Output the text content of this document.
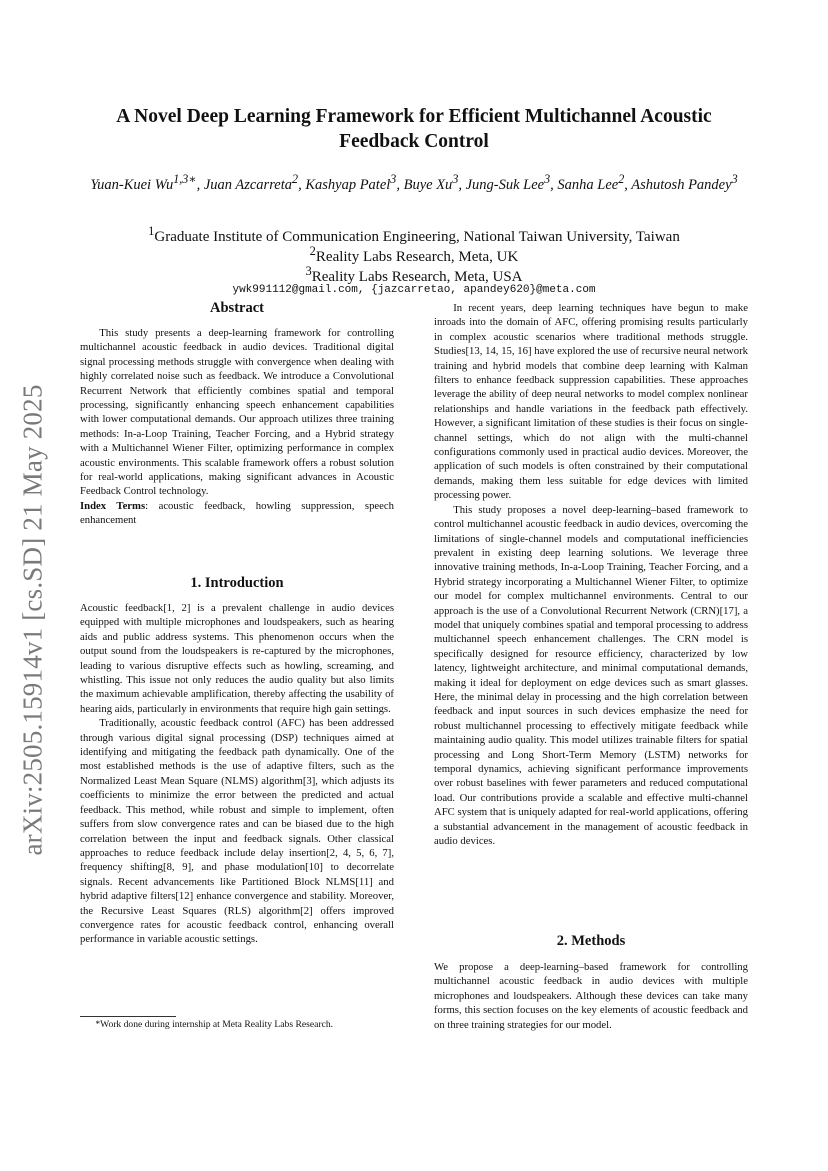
arXiv:2505.15914v1 [cs.SD] 21 May 2025
A Novel Deep Learning Framework for Efficient Multichannel Acoustic Feedback Control
Yuan-Kuei $Wu^{1,3∗}$, Juan Azcarreta$^2$, Kashyap Patel$^3$, Buye Xu$^3$, Jung-Suk Lee$^3$, Sanha Lee$^2$, Ashutosh Pandey$^3$
$^1$Graduate Institute of Communication Engineering, National Taiwan University, Taiwan
$^2$Reality Labs Research, Meta, UK
$^3$Reality Labs Research, Meta, USA
ywk991112@gmail.com, {jazcarretao, apandey620}@meta.com
Abstract

This study presents a deep-learning framework for controlling multichannel acoustic feedback in audio devices. Traditional digital signal processing methods struggle with convergence when dealing with highly correlated noise such as feedback. We introduce a Convolutional Recurrent Network that efficiently combines spatial and temporal processing, significantly enhancing speech enhancement capabilities with lower computational demands. Our approach utilizes three training methods: In-a-Loop Training, Teacher Forcing, and a Hybrid strategy with a Multichannel Wiener Filter, optimizing performance in complex acoustic environments. This scalable framework offers a robust solution for real-world applications, making significant advances in Acoustic Feedback Control technology.

Index Terms: acoustic feedback, howling suppression, speech enhancement

1. Introduction

Acoustic feedback[1, 2] is a prevalent challenge in audio devices equipped with multiple microphones and loudspeakers, such as hearing aids and public address systems. This phenomenon occurs when the output sound from the loudspeakers is re-captured by the microphones, leading to various disruptive effects such as howling, screaming, and whistling. This issue not only reduces the audio quality but also limits the maximum achievable amplification, thereby affecting the usability of hearing aids, particularly in environments that require high gain settings.

Traditionally, acoustic feedback control (AFC) has been addressed through various digital signal processing (DSP) techniques aimed at identifying and mitigating the feedback path dynamically. One of the most established methods is the use of adaptive filters, such as the Normalized Least Mean Square (NLMS) algorithm[3], which adjusts its coefficients to minimize the error between the predicted and actual feedback. This method, while robust and simple to implement, often suffers from slow convergence rates and can be biased due to the high correlation between the input and feedback signals. Other classical approaches to reduce feedback include delay insertion[2, 4, 5, 6, 7], frequency shifting[8, 9], and phase modulation[10] to decorrelate signals. Recent advancements like Partitioned Block NLMS[11] and hybrid adaptive filters[12] enhance convergence and stability. Moreover, the Recursive Least Squares (RLS) algorithm[2] offers improved convergence rates for acoustic feedback control, enhancing overall performance in variable acoustic settings.

*Work done during internship at Meta Reality Labs Research.

In recent years, deep learning techniques have begun to make inroads into the domain of AFC, offering promising results particularly in complex acoustic scenarios where traditional methods struggle. Studies[13, 14, 15, 16] have explored the use of recursive neural network training and hybrid models that combine deep learning with Kalman filters to enhance feedback suppression capabilities. These approaches leverage the ability of deep neural networks to model complex nonlinear relationships and handle variations in the feedback path effectively. However, a significant limitation of these studies is their focus on single-channel settings, which do not align with the multi-channel configurations commonly used in practical audio devices. Moreover, the application of such models is often constrained by their computational demands, making them less suitable for edge devices with limited processing power.

This study proposes a novel deep-learning–based framework to control multichannel acoustic feedback in audio devices, overcoming the limitations of single-channel models and computational inefficiencies prevalent in existing deep learning solutions. We leverage three innovative training methods, In-a-Loop Training, Teacher Forcing, and a Hybrid strategy incorporating a Multichannel Wiener Filter, to optimize our model for complex multichannel environments. Central to our approach is the use of a Convolutional Recurrent Network (CRN)[17], a model that uniquely combines spatial and temporal processing to address multichannel speech enhancement challenges. The CRN model is specifically designed for resource efficiency, characterized by low latency, lightweight architecture, and minimal computational demands, making it ideal for deployment on edge devices such as smart glasses. Here, the minimal delay in processing and the high correlation between feedback and input sources in such devices emphasize the need for robust multichannel processing to effectively mitigate feedback while maintaining audio quality. This model utilizes trainable filters for spatial processing and Long Short-Term Memory (LSTM) networks for temporal dynamics, achieving significant performance improvements over robust baselines with fewer parameters and reduced computational load. Our contributions provide a scalable and effective multi-channel AFC system that is uniquely adapted for real-world applications, offering a substantial advancement in the management of acoustic feedback in audio devices.

2. Methods

We propose a deep-learning–based framework for controlling multichannel acoustic feedback in audio devices with multiple microphones and loudspeakers. Although these devices can take many forms, this section focuses on the key elements of acoustic feedback and on three training strategies for our model.
